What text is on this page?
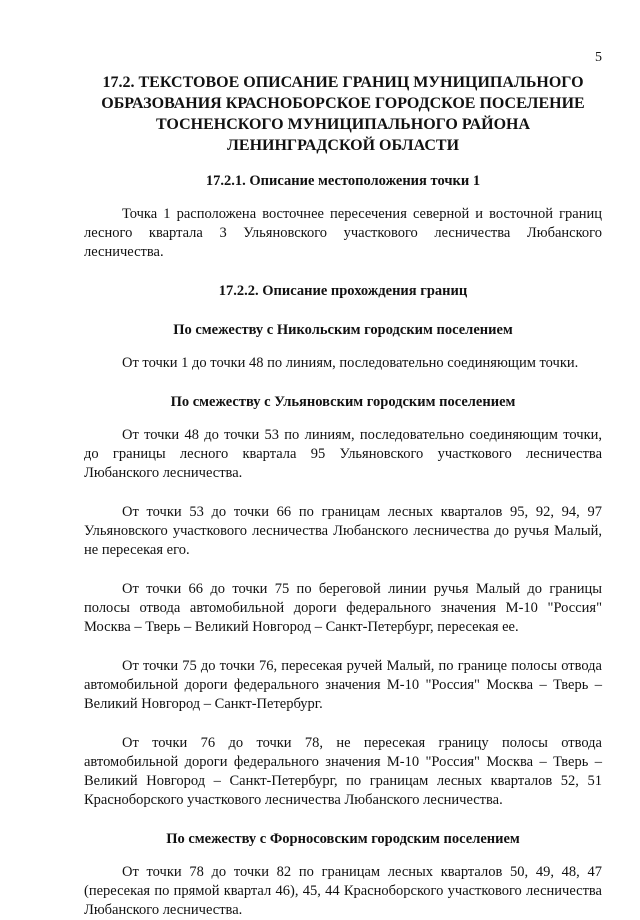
5
17.2. ТЕКСТОВОЕ ОПИСАНИЕ ГРАНИЦ МУНИЦИПАЛЬНОГО
ОБРАЗОВАНИЯ КРАСНОБОРСКОЕ ГОРОДСКОЕ ПОСЕЛЕНИЕ
ТОСНЕНСКОГО МУНИЦИПАЛЬНОГО РАЙОНА
ЛЕНИНГРАДСКОЙ ОБЛАСТИ
17.2.1. Описание местоположения точки 1

Точка 1 расположена восточнее пересечения северной и восточной границ лесного квартала 3 Ульяновского участкового лесничества Любанского лесничества.

17.2.2. Описание прохождения границ
По смежеству с Никольским городским поселением

От точки 1 до точки 48 по линиям, последовательно соединяющим точки.

По смежеству с Ульяновским городским поселением

От точки 48 до точки 53 по линиям, последовательно соединяющим точки, до границы лесного квартала 95 Ульяновского участкового лесничества Любанского лесничества.

От точки 53 до точки 66 по границам лесных кварталов 95, 92, 94, 97 Ульяновского участкового лесничества Любанского лесничества до ручья Малый, не пересекая его.

От точки 66 до точки 75 по береговой линии ручья Малый до границы полосы отвода автомобильной дороги федерального значения М-10 "Россия" Москва – Тверь – Великий Новгород – Санкт-Петербург, пересекая ее.

От точки 75 до точки 76, пересекая ручей Малый, по границе полосы отвода автомобильной дороги федерального значения М-10 "Россия" Москва – Тверь – Великий Новгород – Санкт-Петербург.

От точки 76 до точки 78, не пересекая границу полосы отвода автомобильной дороги федерального значения М-10 "Россия" Москва – Тверь – Великий Новгород – Санкт-Петербург, по границам лесных кварталов 52, 51 Красноборского участкового лесничества Любанского лесничества.

По смежеству с Форносовским городским поселением

От точки 78 до точки 82 по границам лесных кварталов 50, 49, 48, 47 (пересекая по прямой квартал 46), 45, 44 Красноборского участкового лесничества Любанского лесничества.
